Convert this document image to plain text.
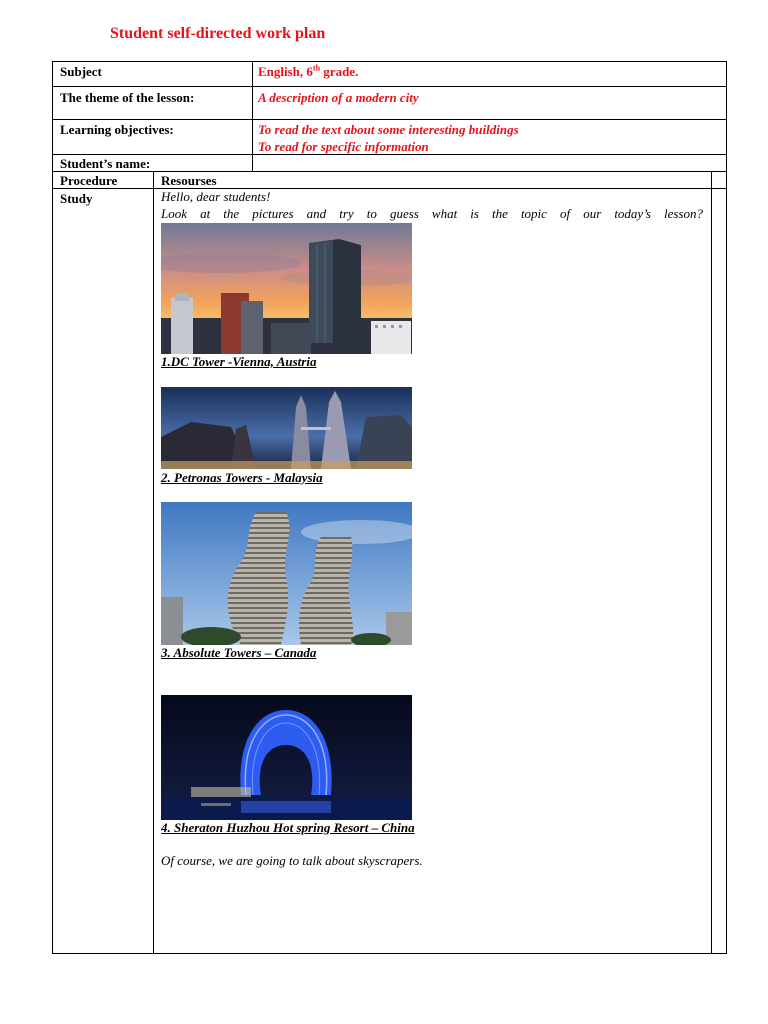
Student self-directed work plan
Subject	English, 6th grade.
The theme of the lesson:	A description of a modern city
Learning objectives:	To read the text about some interesting buildings
To read for specific information
Student’s name:
Procedure	Resourses
Study	Hello, dear students!
Look at the pictures and try to guess what is the topic of our today’s lesson?
1.DC Tower -Vienna, Austria
2. Petronas Towers - Malaysia
3. Absolute Towers – Canada
4. Sheraton Huzhou Hot spring Resort – China
Of course, we are going to talk about skyscrapers.
